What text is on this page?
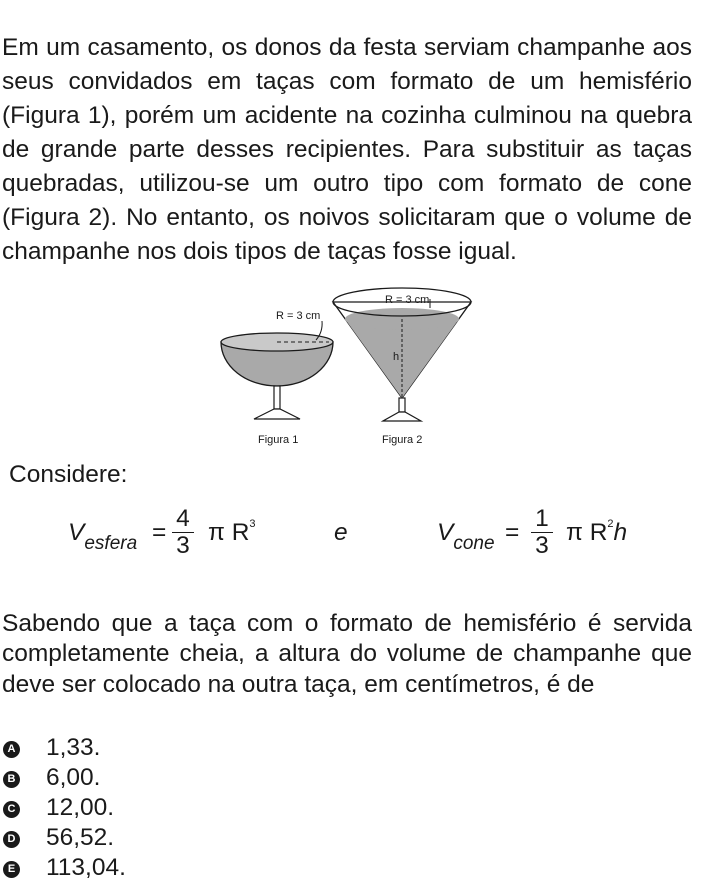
Em um casamento, os donos da festa serviam champanhe aos seus convidados em taças com formato de um hemisfério (Figura 1), porém um acidente na cozinha culminou na quebra de grande parte desses recipientes. Para substituir as taças quebradas, utilizou-se um outro tipo com formato de cone (Figura 2). No entanto, os noivos solicitaram que o volume de champanhe nos dois tipos de taças fosse igual.

R = 3 cm
Figura 1
R = 3 cm
h
Figura 2
Considere:
$V_{esfera}$ =
4
3 π $R^3$	e	$V_{cone}$ =
1
3 π $R^2h$

Sabendo que a taça com o formato de hemisfério é servida completamente cheia, a altura do volume de champanhe que deve ser colocado na outra taça, em centímetros, é de

A 1,33.
B 6,00.
C 12,00.
D 56,52.
E 113,04.
